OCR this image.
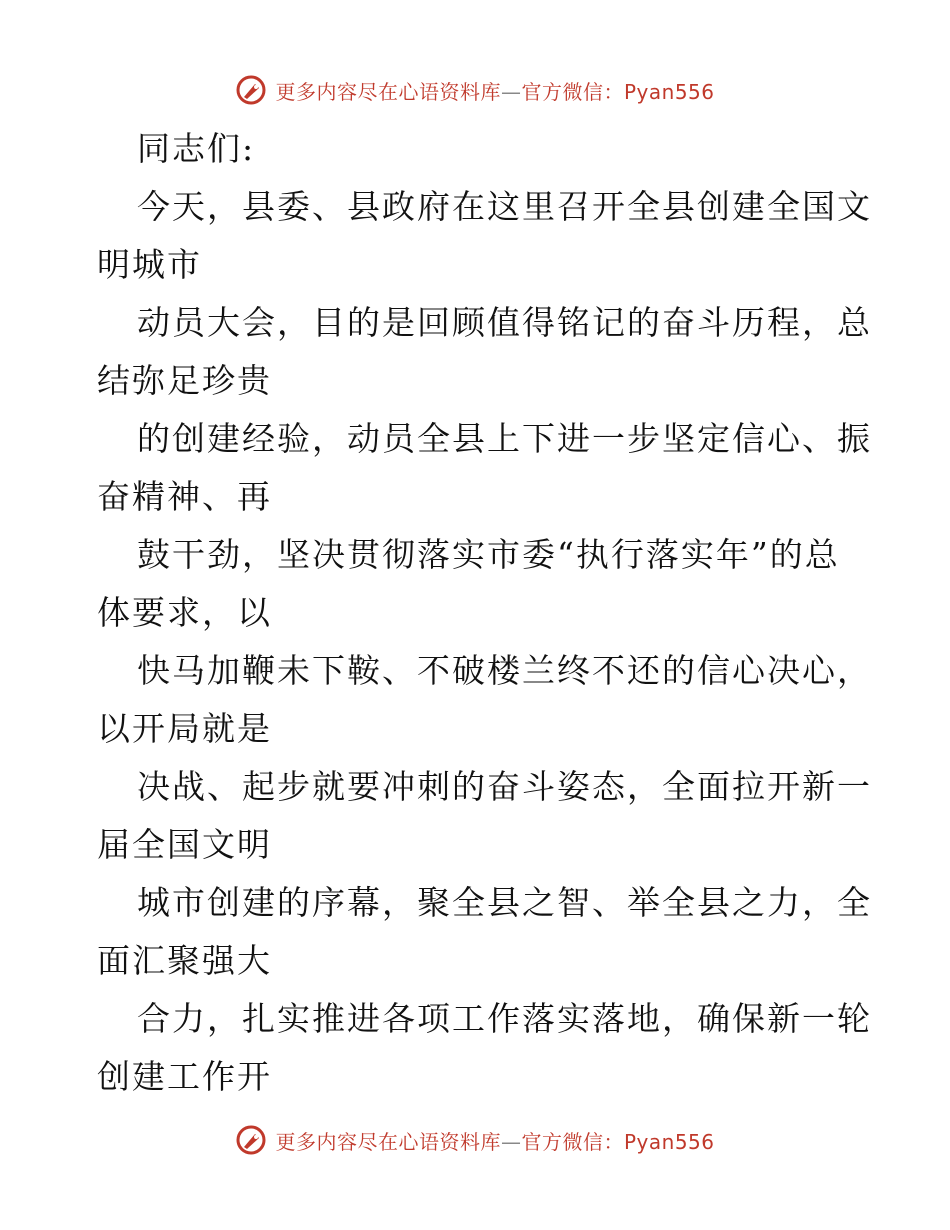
更多内容尽在心语资料库—官方微信：Pyan556
同志们:
今天，县委、县政府在这里召开全县创建全国文
明城市
动员大会，目的是回顾值得铭记的奋斗历程，总
结弥足珍贵
的创建经验，动员全县上下进一步坚定信心、振
奋精神、再
鼓干劲，坚决贯彻落实市委“执行落实年”的总
体要求，以
快马加鞭未下鞍、不破楼兰终不还的信心决心，
以开局就是
决战、起步就要冲刺的奋斗姿态，全面拉开新一
届全国文明
城市创建的序幕，聚全县之智、举全县之力，全
面汇聚强大
合力，扎实推进各项工作落实落地，确保新一轮
创建工作开
更多内容尽在心语资料库—官方微信：Pyan556
